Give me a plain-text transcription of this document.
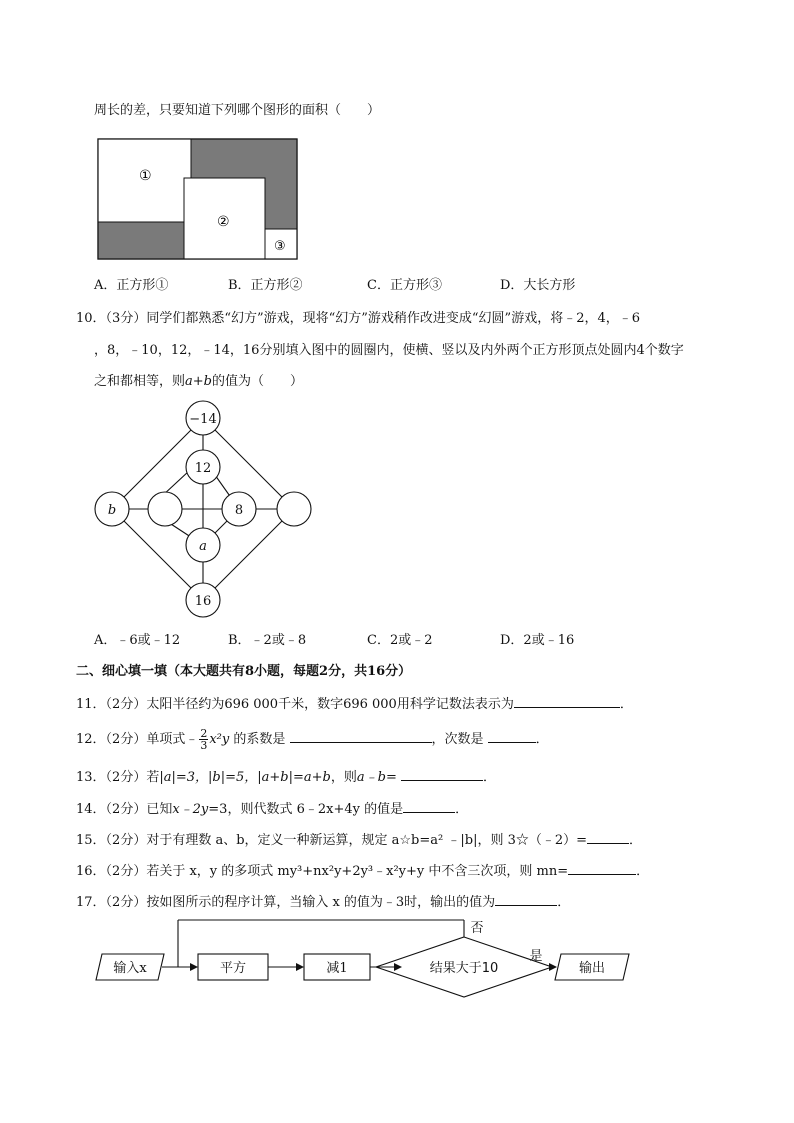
周长的差，只要知道下列哪个图形的面积（　　）
①
②
③
A．正方形①	B．正方形②	C．正方形③	D．大长方形
10．（3分）同学们都熟悉“幻方”游戏，现将“幻方”游戏稍作改进变成“幻圆”游戏，将﹣2，4，﹣6
，8，﹣10，12，﹣14，16分别填入图中的圆圈内，使横、竖以及内外两个正方形顶点处圆内4个数字
之和都相等，则a+b的值为（　　）
−14
12
b	8
a
16
A．﹣6或﹣12	B．﹣2或﹣8	C．2或﹣2	D．2或﹣16
二、细心填一填（本大题共有8小题，每题2分，共16分）
11．（2分）太阳半径约为696 000千米，数字696 000用科学记数法表示为	．
12．（2分）单项式﹣ $\frac{2}{3} x^2y$ 的系数是	，次数是	．
13．（2分）若|a|=3，|b|=5，|a+b|=a+b，则a﹣b=	．
14．（2分）已知x﹣2y=3，则代数式 6﹣2x+4y 的值是	．
15．（2分）对于有理数 a、b，定义一种新运算，规定 a☆b=a² ﹣|b|，则 3☆（﹣2）=	．
16．（2分）若关于 x，y 的多项式 my³+nx²y+2y³﹣x²y+y 中不含三次项，则 mn=	．
17．（2分）按如图所示的程序计算，当输入 x 的值为﹣3时，输出的值为	．
输入x	平方	减1	结果大于10	输出
否
是
